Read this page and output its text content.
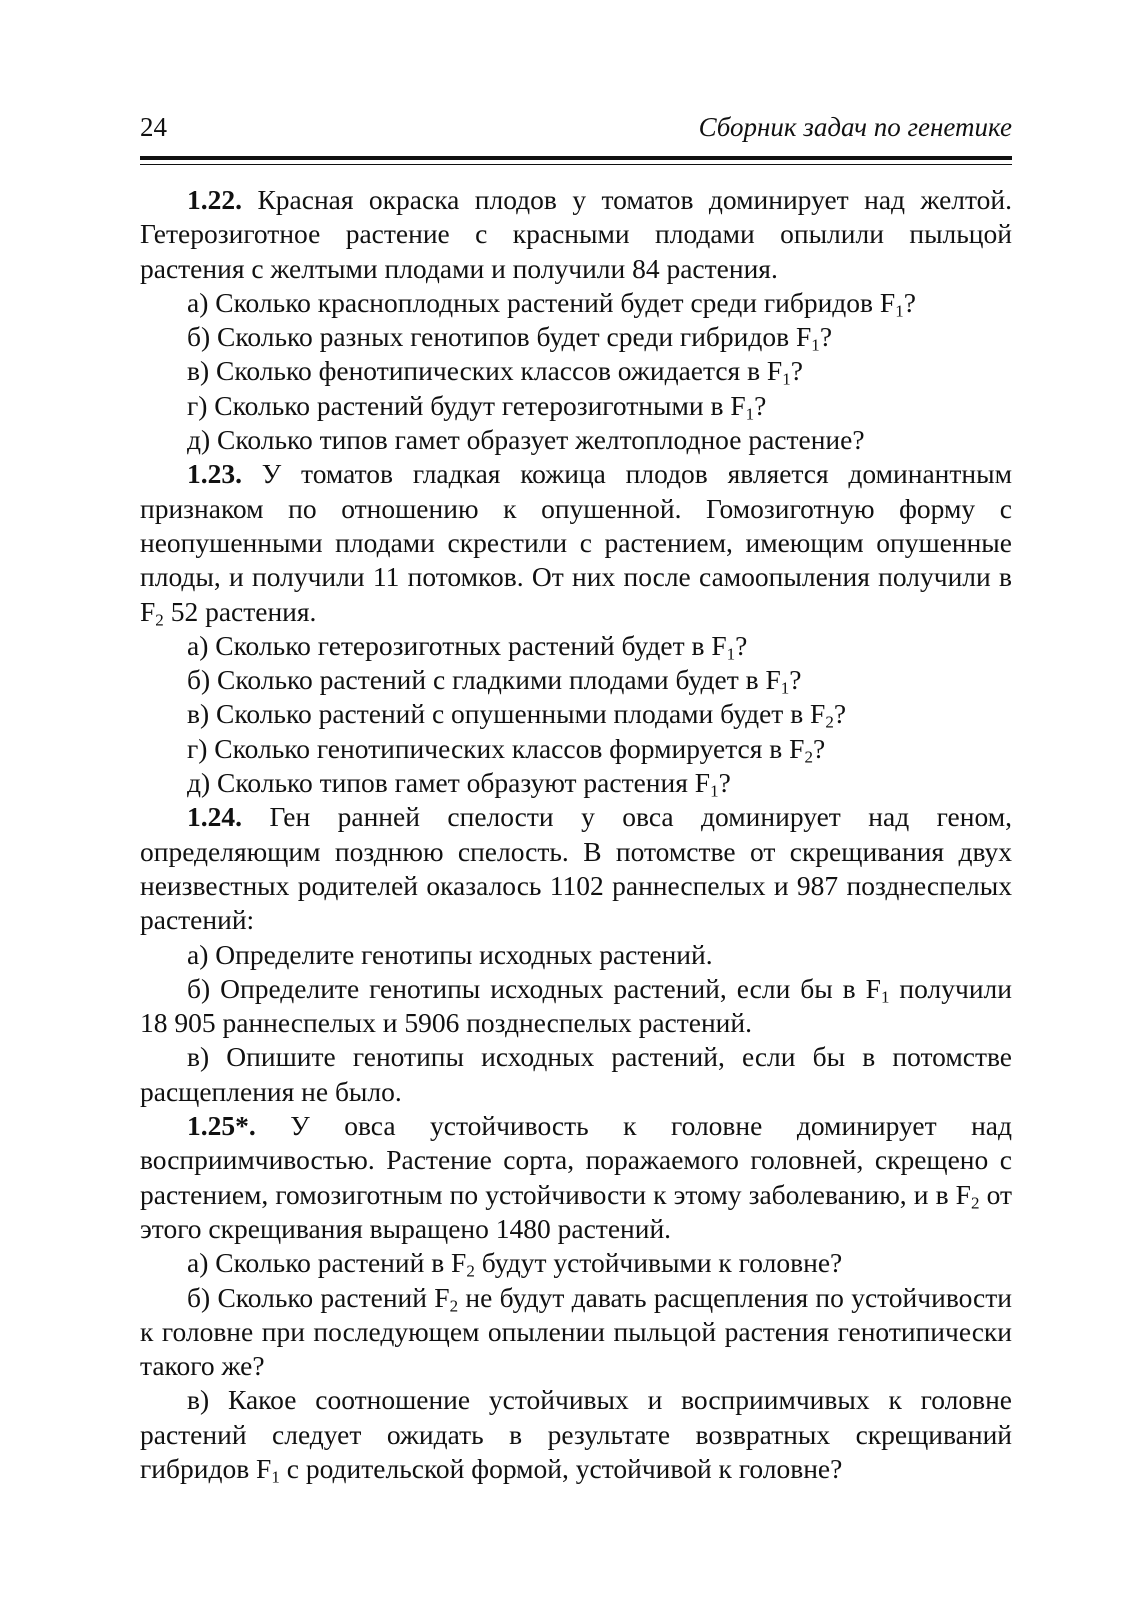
24	Сборник задач по генетике

1.22. Красная окраска плодов у томатов доминирует над желтой. Гетерозиготное растение с красными плодами опылили пыльцой растения с желтыми плодами и получили 84 растения.

а) Сколько красноплодных растений будет среди гибридов $F_1$?

б) Сколько разных генотипов будет среди гибридов $F_1$?

в) Сколько фенотипических классов ожидается в $F_1$?

г) Сколько растений будут гетерозиготными в $F_1$?

д) Сколько типов гамет образует желтоплодное растение?

1.23. У томатов гладкая кожица плодов является доминантным признаком по отношению к опушенной. Гомозиготную форму с неопушенными плодами скрестили с растением, имеющим опушенные плоды, и получили 11 потомков. От них после самоопыления получили в $F_2$ 52 растения.

а) Сколько гетерозиготных растений будет в $F_1$?

б) Сколько растений с гладкими плодами будет в $F_1$?

в) Сколько растений с опушенными плодами будет в $F_2$?

г) Сколько генотипических классов формируется в $F_2$?

д) Сколько типов гамет образуют растения $F_1$?

1.24. Ген ранней спелости у овса доминирует над геном, определяющим позднюю спелость. В потомстве от скрещивания двух неизвестных родителей оказалось 1102 раннеспелых и 987 позднеспелых растений:

а) Определите генотипы исходных растений.

б) Определите генотипы исходных растений, если бы в $F_1$ получили 18 905 раннеспелых и 5906 позднеспелых растений.

в) Опишите генотипы исходных растений, если бы в потомстве расщепления не было.

1.25*. У овса устойчивость к головне доминирует над восприимчивостью. Растение сорта, поражаемого головней, скрещено с растением, гомозиготным по устойчивости к этому заболеванию, и в $F_2$ от этого скрещивания выращено 1480 растений.

а) Сколько растений в $F_2$ будут устойчивыми к головне?

б) Сколько растений $F_2$ не будут давать расщепления по устойчивости к головне при последующем опылении пыльцой растения генотипически такого же?

в) Какое соотношение устойчивых и восприимчивых к головне растений следует ожидать в результате возвратных скрещиваний гибридов $F_1$ с родительской формой, устойчивой к головне?
